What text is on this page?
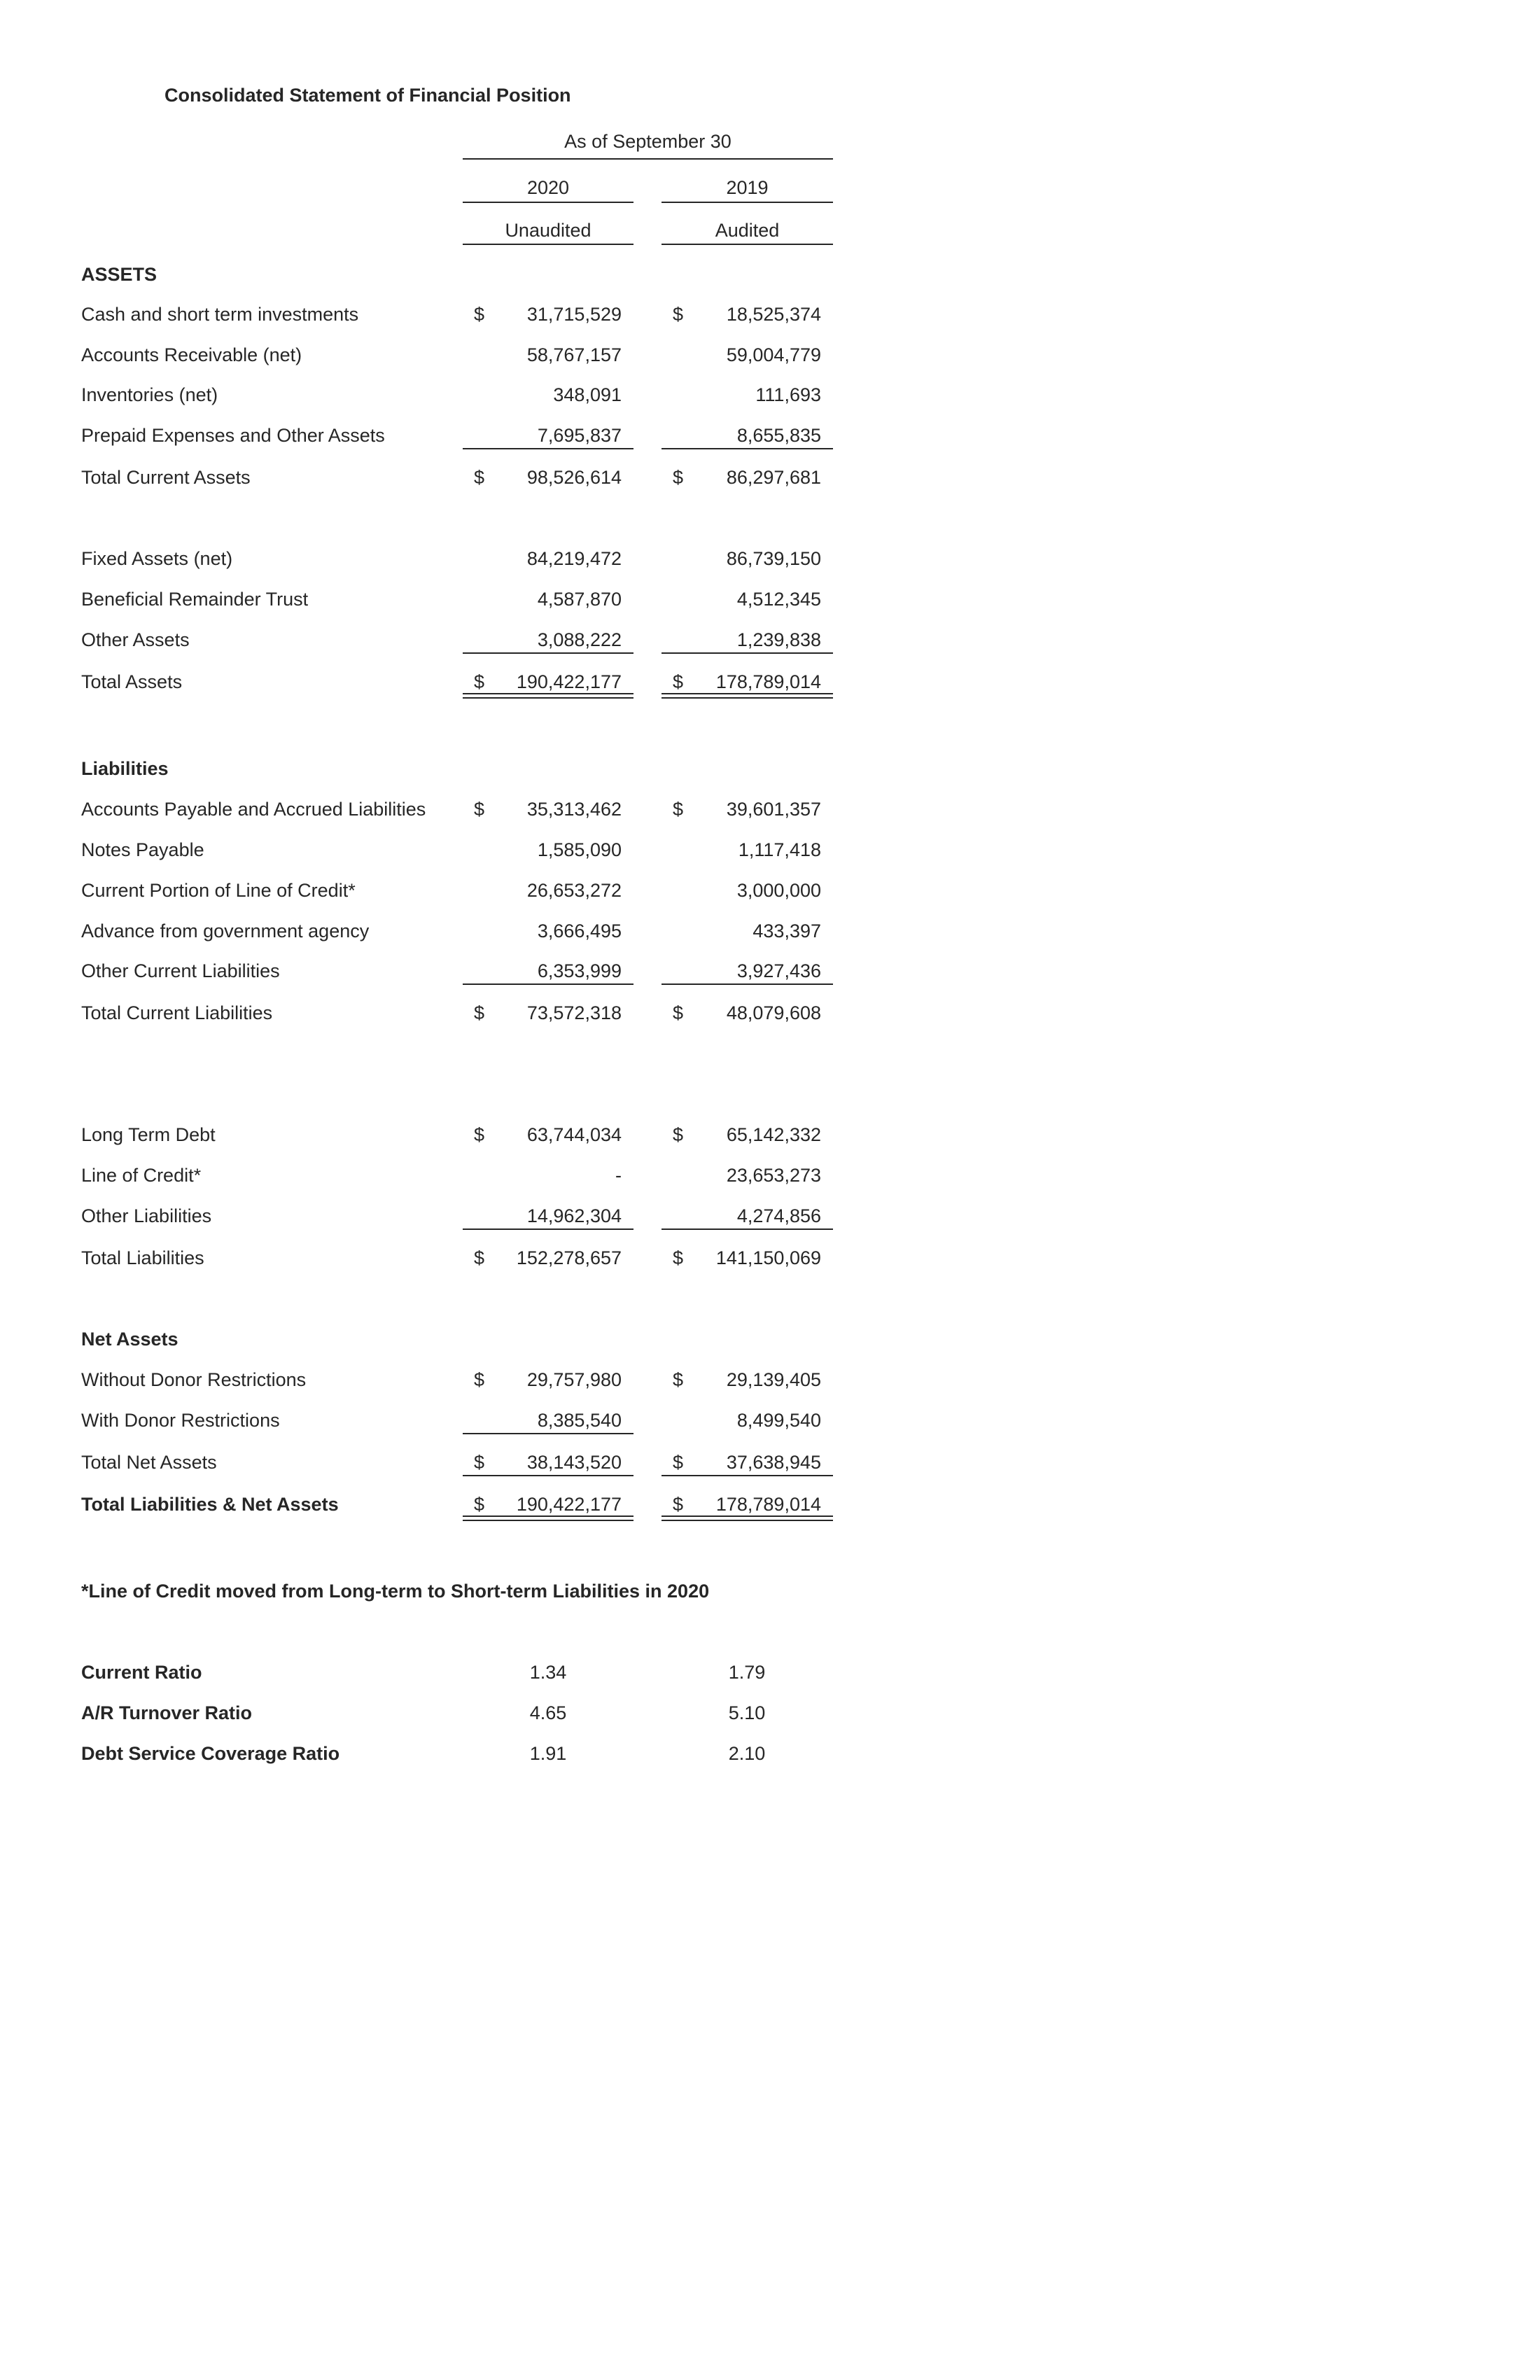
Consolidated Statement of Financial Position
As of September 30
2020	2019
Unaudited	Audited
ASSETS
Cash and short term investments	$ 31,715,529	$ 18,525,374
Accounts Receivable (net)	58,767,157	59,004,779
Inventories (net)	348,091	111,693
Prepaid Expenses and Other Assets	7,695,837	8,655,835
Total Current Assets	$ 98,526,614	$ 86,297,681
Fixed Assets (net)	84,219,472	86,739,150
Beneficial Remainder Trust	4,587,870	4,512,345
Other Assets	3,088,222	1,239,838
Total Assets	$ 190,422,177	$ 178,789,014
Liabilities
Accounts Payable and Accrued Liabilities	$ 35,313,462	$ 39,601,357
Notes Payable	1,585,090	1,117,418
Current Portion of Line of Credit*	26,653,272	3,000,000
Advance from government agency	3,666,495	433,397
Other Current Liabilities	6,353,999	3,927,436
Total Current Liabilities	$ 73,572,318	$ 48,079,608
Long Term Debt	$ 63,744,034	$ 65,142,332
Line of Credit*	-	23,653,273
Other Liabilities	14,962,304	4,274,856
Total Liabilities	$ 152,278,657	$ 141,150,069
Net Assets
Without Donor Restrictions	$ 29,757,980	$ 29,139,405
With Donor Restrictions	8,385,540	8,499,540
Total Net Assets	$ 38,143,520	$ 37,638,945
Total Liabilities & Net Assets	$ 190,422,177	$ 178,789,014
*Line of Credit moved from Long-term to Short-term Liabilities in 2020
Current Ratio	1.34	1.79
A/R Turnover Ratio	4.65	5.10
Debt Service Coverage Ratio	1.91	2.10
